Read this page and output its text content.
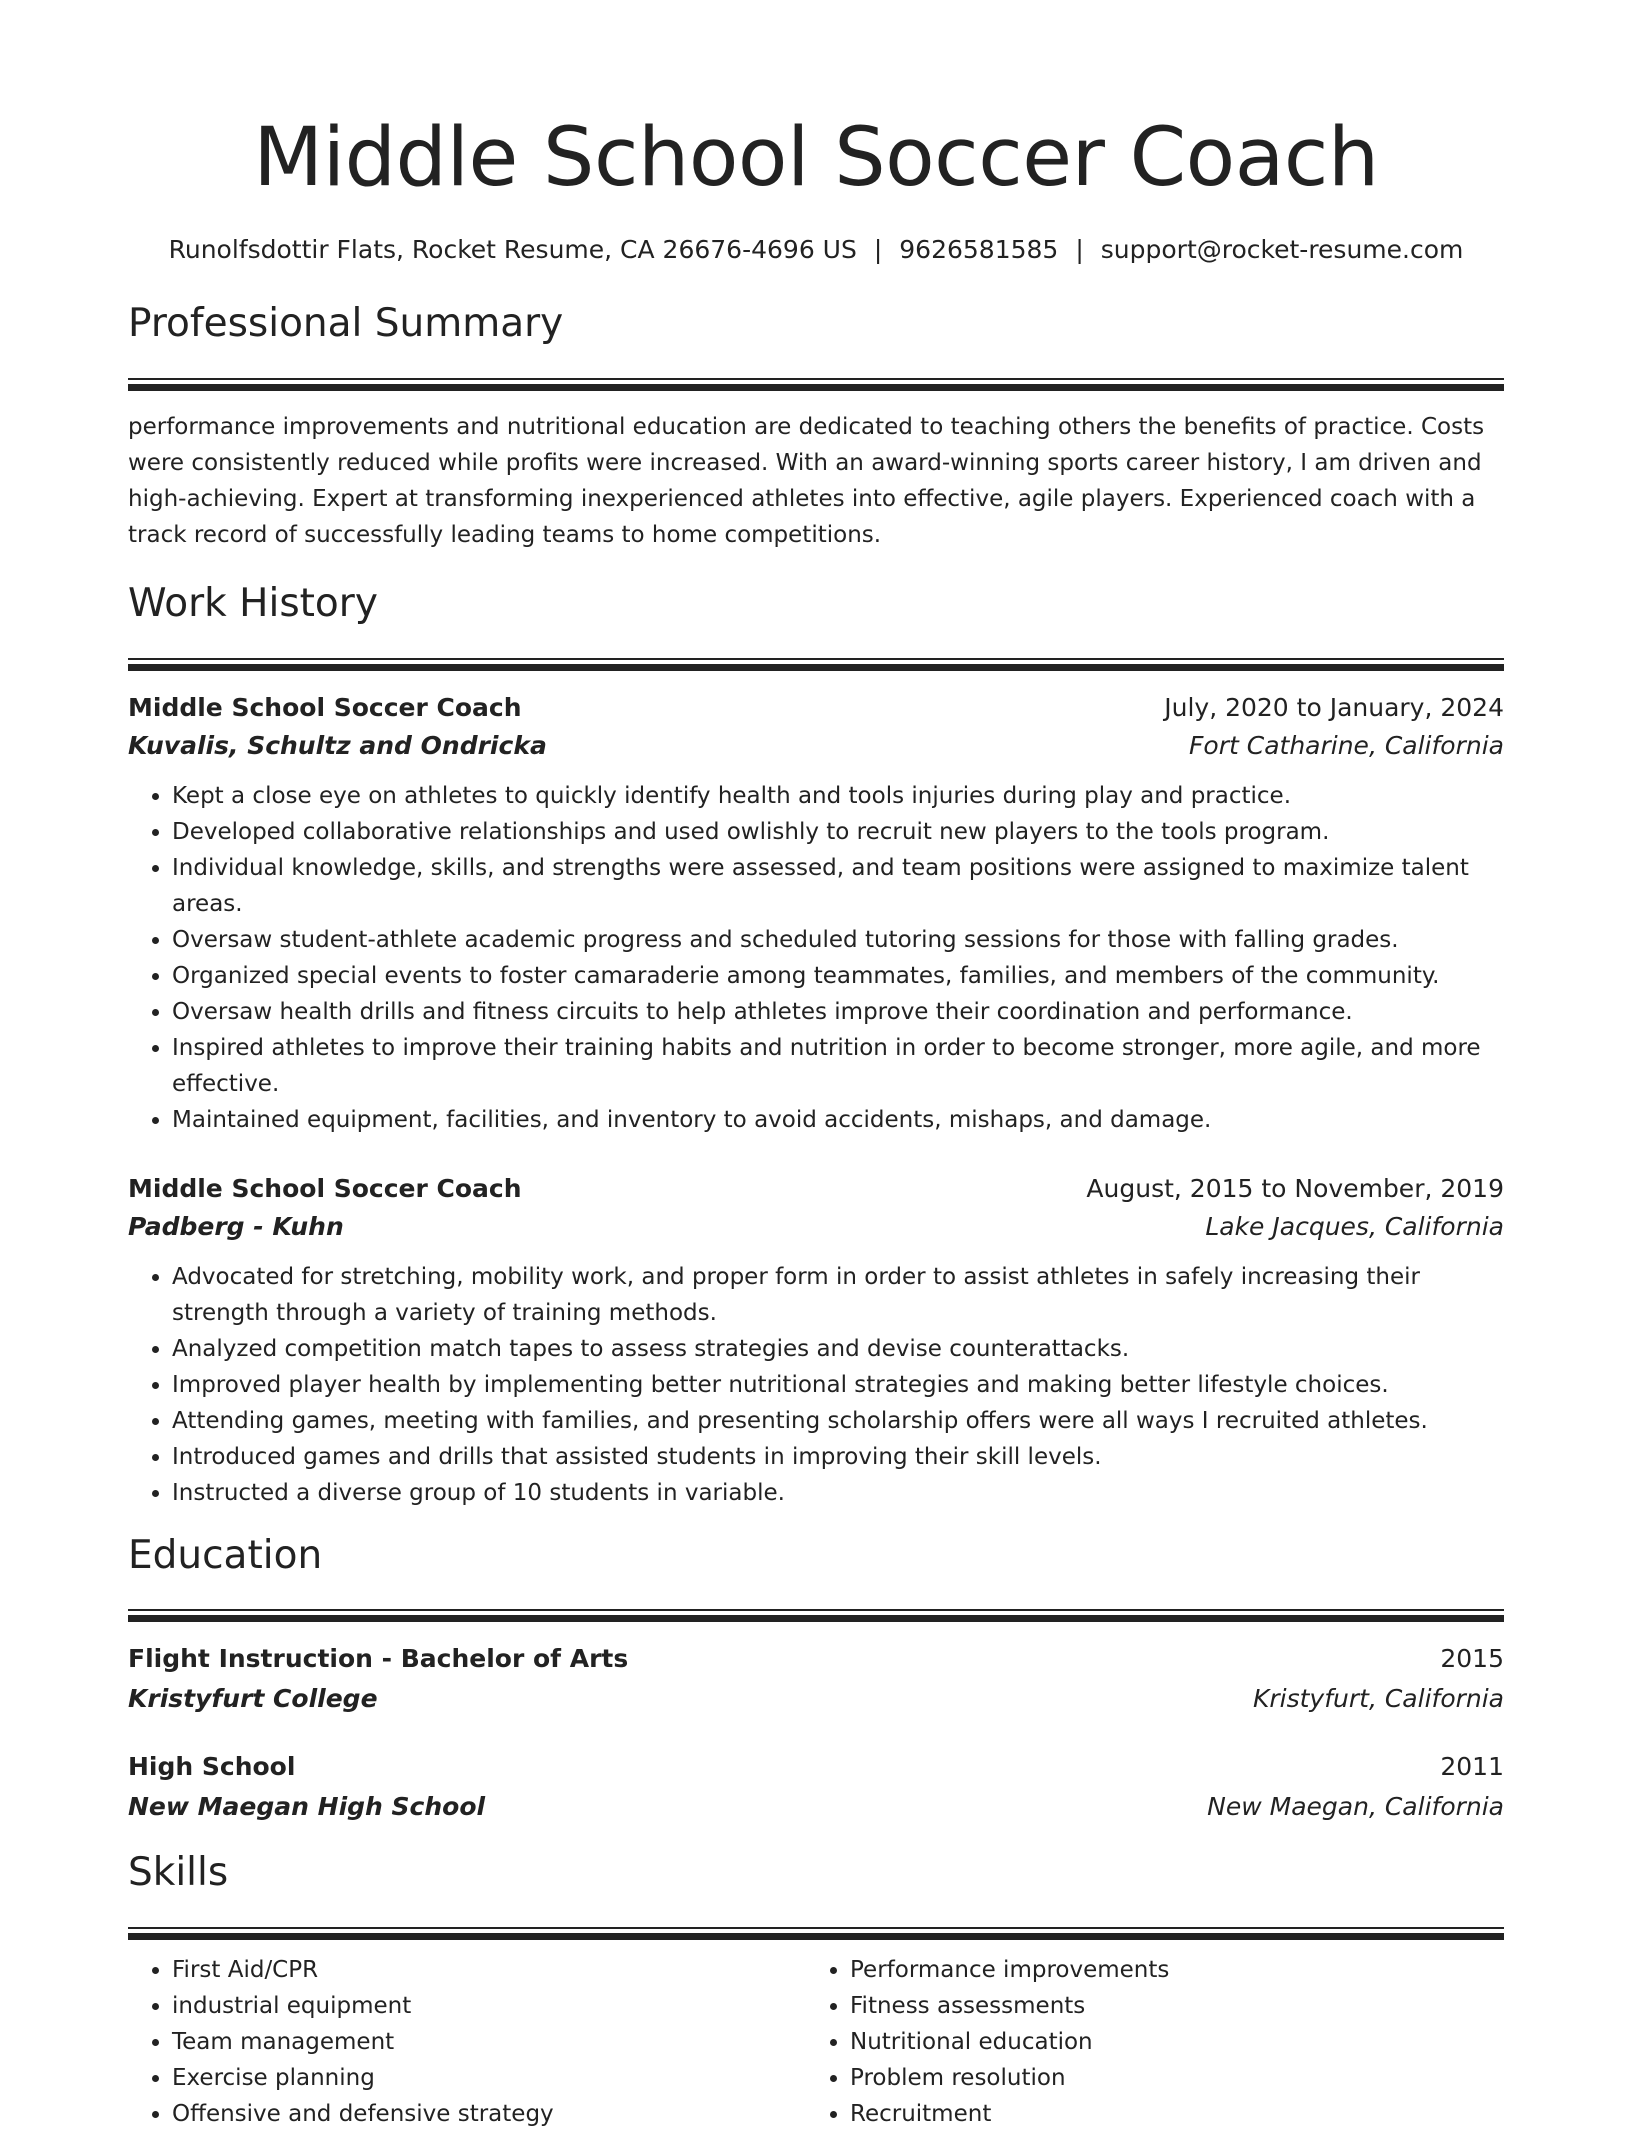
Middle School Soccer Coach
Runolfsdottir Flats, Rocket Resume, CA 26676-4696 US | 9626581585 | support@rocket-resume.com
Professional Summary

performance improvements and nutritional education are dedicated to teaching others the benefits of practice. Costs were consistently reduced while profits were increased. With an award-winning sports career history, I am driven and high-achieving. Expert at transforming inexperienced athletes into effective, agile players. Experienced coach with a track record of successfully leading teams to home competitions.

Work History
Middle School Soccer Coach	July, 2020 to January, 2024
Kuvalis, Schultz and Ondricka	Fort Catharine, California
• Kept a close eye on athletes to quickly identify health and tools injuries during play and practice.
• Developed collaborative relationships and used owlishly to recruit new players to the tools program.
• Individual knowledge, skills, and strengths were assessed, and team positions were assigned to maximize talent areas.
• Oversaw student-athlete academic progress and scheduled tutoring sessions for those with falling grades.
• Organized special events to foster camaraderie among teammates, families, and members of the community.
• Oversaw health drills and fitness circuits to help athletes improve their coordination and performance.
• Inspired athletes to improve their training habits and nutrition in order to become stronger, more agile, and more effective.
• Maintained equipment, facilities, and inventory to avoid accidents, mishaps, and damage.
Middle School Soccer Coach	August, 2015 to November, 2019
Padberg - Kuhn	Lake Jacques, California
• Advocated for stretching, mobility work, and proper form in order to assist athletes in safely increasing their strength through a variety of training methods.
• Analyzed competition match tapes to assess strategies and devise counterattacks.
• Improved player health by implementing better nutritional strategies and making better lifestyle choices.
• Attending games, meeting with families, and presenting scholarship offers were all ways I recruited athletes.
• Introduced games and drills that assisted students in improving their skill levels.
• Instructed a diverse group of 10 students in variable.
Education
Flight Instruction - Bachelor of Arts	2015
Kristyfurt College	Kristyfurt, California
High School	2011
New Maegan High School	New Maegan, California
Skills
• First Aid/CPR
• industrial equipment
• Team management
• Exercise planning
• Offensive and defensive strategy
• Performance improvements
• Fitness assessments
• Nutritional education
• Problem resolution
• Recruitment
